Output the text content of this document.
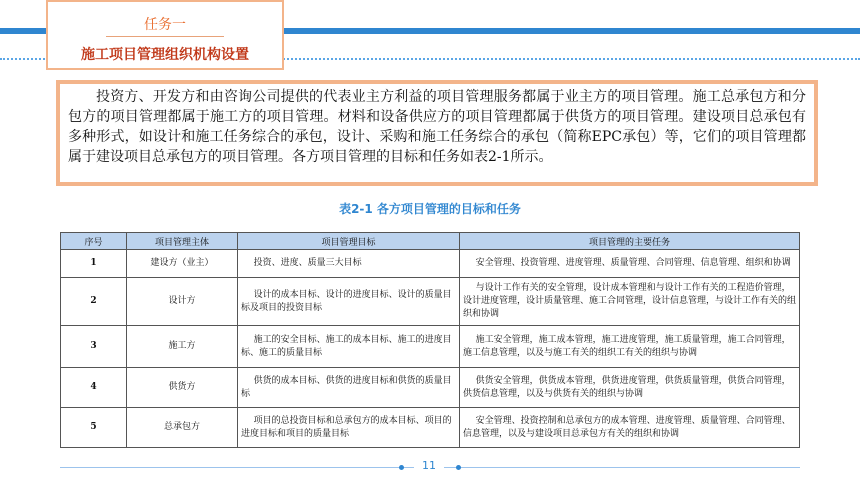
任务一
施工项目管理组织机构设置
投资方、开发方和由咨询公司提供的代表业主方利益的项目管理服务都属于业主方的项目管理。施工总承包方和分包方的项目管理都属于施工方的项目管理。材料和设备供应方的项目管理都属于供货方的项目管理。建设项目总承包有多种形式，如设计和施工任务综合的承包，设计、采购和施工任务综合的承包（简称EPC承包）等，它们的项目管理都属于建设项目总承包方的项目管理。各方项目管理的目标和任务如表2-1所示。
表2-1 各方项目管理的目标和任务
序号	项目管理主体	项目管理目标	项目管理的主要任务
1	建设方（业主）	投资、进度、质量三大目标	安全管理、投资管理、进度管理、质量管理、合同管理、信息管理、组织和协调
2	设计方	设计的成本目标、设计的进度目标、设计的质量目标及项目的投资目标	与设计工作有关的安全管理，设计成本管理和与设计工作有关的工程造价管理，设计进度管理，设计质量管理、施工合同管理，设计信息管理，与设计工作有关的组织和协调
3	施工方	施工的安全目标、施工的成本目标、施工的进度目标、施工的质量目标	施工安全管理，施工成本管理，施工进度管理，施工质量管理，施工合同管理，施工信息管理，以及与施工有关的组织工有关的组织与协调
4	供货方	供货的成本目标、供货的进度目标和供货的质量目标	供货安全管理，供货成本管理，供货进度管理，供货质量管理，供货合同管理，供货信息管理，以及与供货有关的组织与协调
5	总承包方	项目的总投资目标和总承包方的成本目标、项目的进度目标和项目的质量目标	安全管理、投资控制和总承包方的成本管理、进度管理、质量管理、合同管理、信息管理，以及与建设项目总承包方有关的组织和协调
11
